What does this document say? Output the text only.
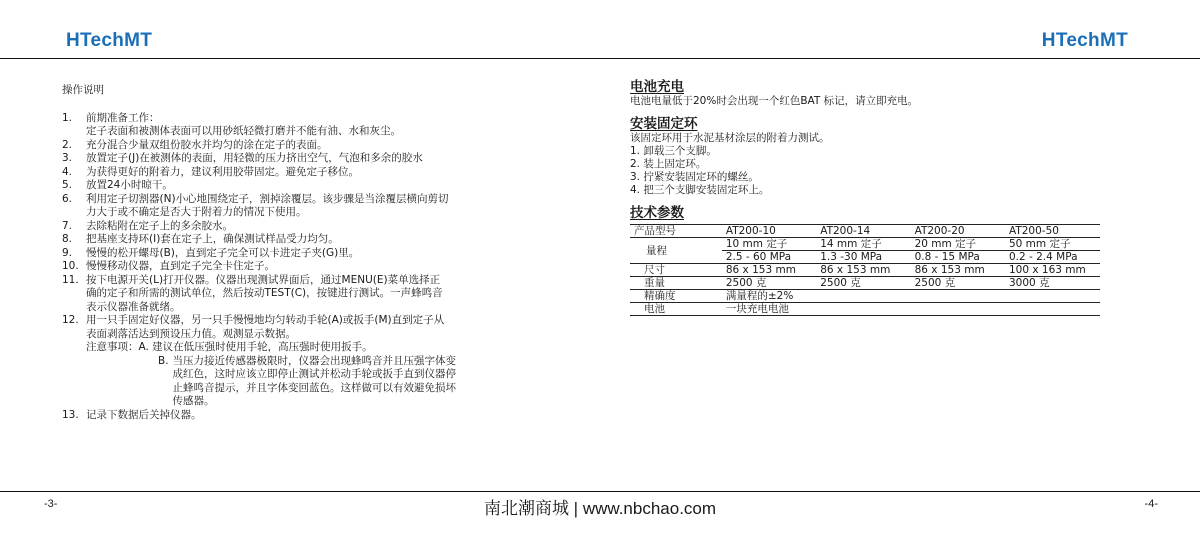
HTechMT	HTechMT
操作说明
1.	前期准备工作：
定子表面和被测体表面可以用砂纸轻微打磨并不能有油、水和灰尘。
2.	充分混合少量双组份胶水并均匀的涂在定子的表面。
3.	放置定子(J)在被测体的表面，用轻微的压力挤出空气，气泡和多余的胶水
4.	为获得更好的附着力，建议利用胶带固定。避免定子移位。
5.	放置24小时晾干。
6.	利用定子切割器(N)小心地围绕定子，割掉涂覆层。该步骤是当涂覆层横向剪切
力大于或不确定是否大于附着力的情况下使用。
7.	去除粘附在定子上的多余胶水。
8.	把基座支持环(I)套在定子上，确保测试样品受力均匀。
9.	慢慢的松开螺母(B)，直到定子完全可以卡进定子夹(G)里。
10. 慢慢移动仪器，直到定子完全卡住定子。
11. 按下电源开关(L)打开仪器。仪器出现测试界面后，通过MENU(E)菜单选择正
确的定子和所需的测试单位，然后按动TEST(C)，按键进行测试。一声蜂鸣音
表示仪器准备就绪。
12. 用一只手固定好仪器，另一只手慢慢地均匀转动手轮(A)或扳手(M)直到定子从
表面剥落活达到预设压力值。观测显示数据。
注意事项： A. 建议在低压强时使用手轮，高压强时使用扳手。
B. 当压力接近传感器极限时，仪器会出现蜂鸣音并且压强字体变
成红色，这时应该立即停止测试并松动手轮或扳手直到仪器停
止蜂鸣音提示，并且字体变回蓝色。这样做可以有效避免损坏
传感器。
13. 记录下数据后关掉仪器。
电池充电
电池电量低于20%时会出现一个红色BAT 标记，请立即充电。
安装固定环
该固定环用于水泥基材涂层的附着力测试。
1. 卸载三个支脚。
2. 装上固定环。
3. 拧紧安装固定环的螺丝。
4. 把三个支脚安装固定环上。
技术参数
产品型号	AT200-10	AT200-14	AT200-20	AT200-50
量程	10 mm 定子	14 mm 定子	20 mm 定子	50 mm 定子
	2.5 - 60 MPa	1.3 -30 MPa	0.8 - 15 MPa	0.2 - 2.4 MPa
尺寸	86 x 153 mm	86 x 153 mm	86 x 153 mm	100 x 163 mm
重量	2500 克	2500 克	2500 克	3000 克
精确度	满量程的±2%			
电池	一块充电电池			
-3-	南北潮商城 | www.nbchao.com	-4-
